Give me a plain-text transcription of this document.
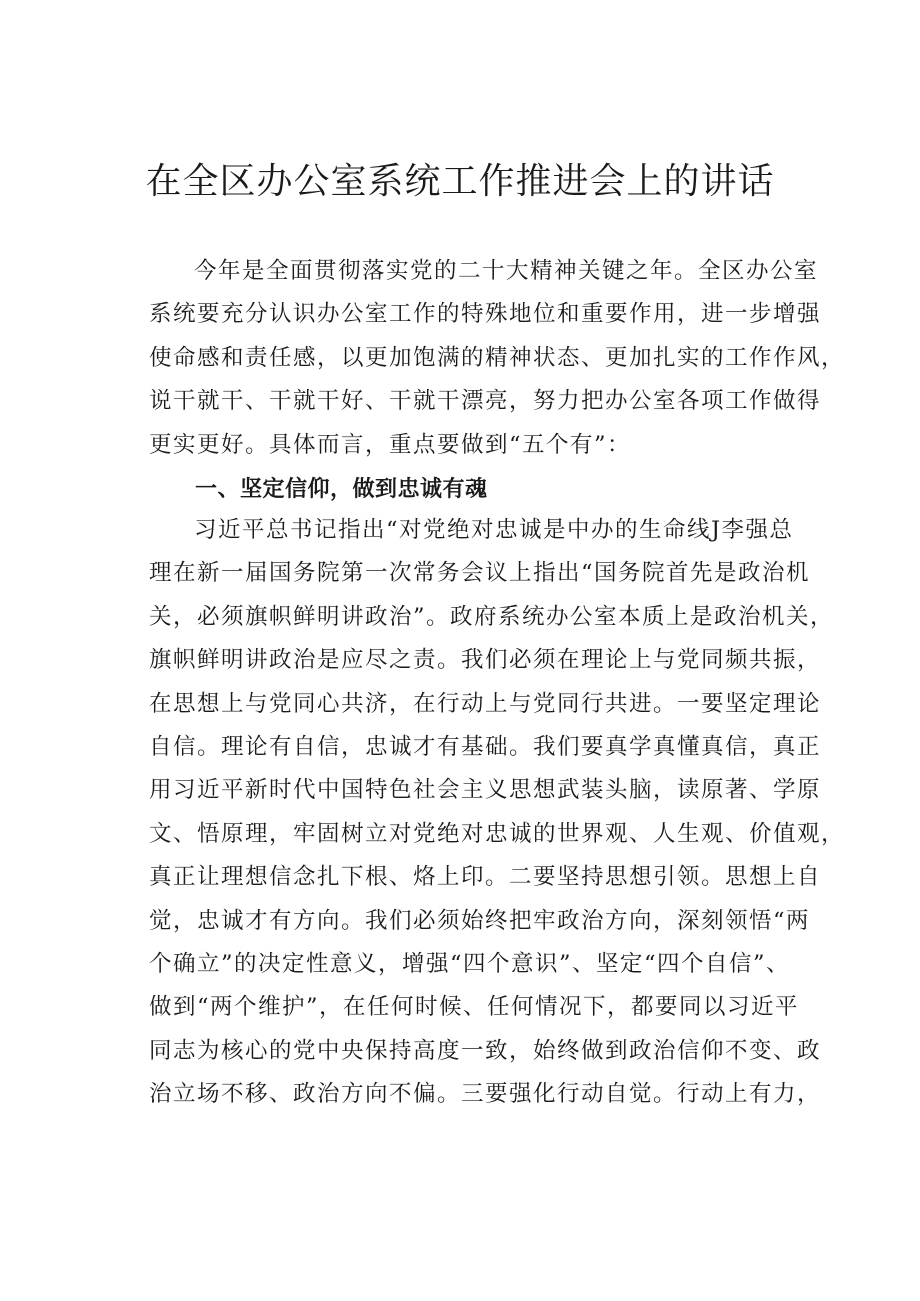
在全区办公室系统工作推进会上的讲话
今年是全面贯彻落实党的二十大精神关键之年。全区办公室
系统要充分认识办公室工作的特殊地位和重要作用，进一步增强
使命感和责任感，以更加饱满的精神状态、更加扎实的工作作风，
说干就干、干就干好、干就干漂亮，努力把办公室各项工作做得
更实更好。具体而言，重点要做到“五个有”：
一、坚定信仰，做到忠诚有魂
习近平总书记指出“对党绝对忠诚是中办的生命线J李强总
理在新一届国务院第一次常务会议上指出“国务院首先是政治机
关，必须旗帜鲜明讲政治”。政府系统办公室本质上是政治机关，
旗帜鲜明讲政治是应尽之责。我们必须在理论上与党同频共振，
在思想上与党同心共济，在行动上与党同行共进。一要坚定理论
自信。理论有自信，忠诚才有基础。我们要真学真懂真信，真正
用习近平新时代中国特色社会主义思想武装头脑，读原著、学原
文、悟原理，牢固树立对党绝对忠诚的世界观、人生观、价值观，
真正让理想信念扎下根、烙上印。二要坚持思想引领。思想上自
觉，忠诚才有方向。我们必须始终把牢政治方向，深刻领悟“两
个确立”的决定性意义，增强“四个意识”、坚定“四个自信”、
做到“两个维护”，在任何时候、任何情况下，都要同以习近平
同志为核心的党中央保持高度一致，始终做到政治信仰不变、政
治立场不移、政治方向不偏。三要强化行动自觉。行动上有力，
